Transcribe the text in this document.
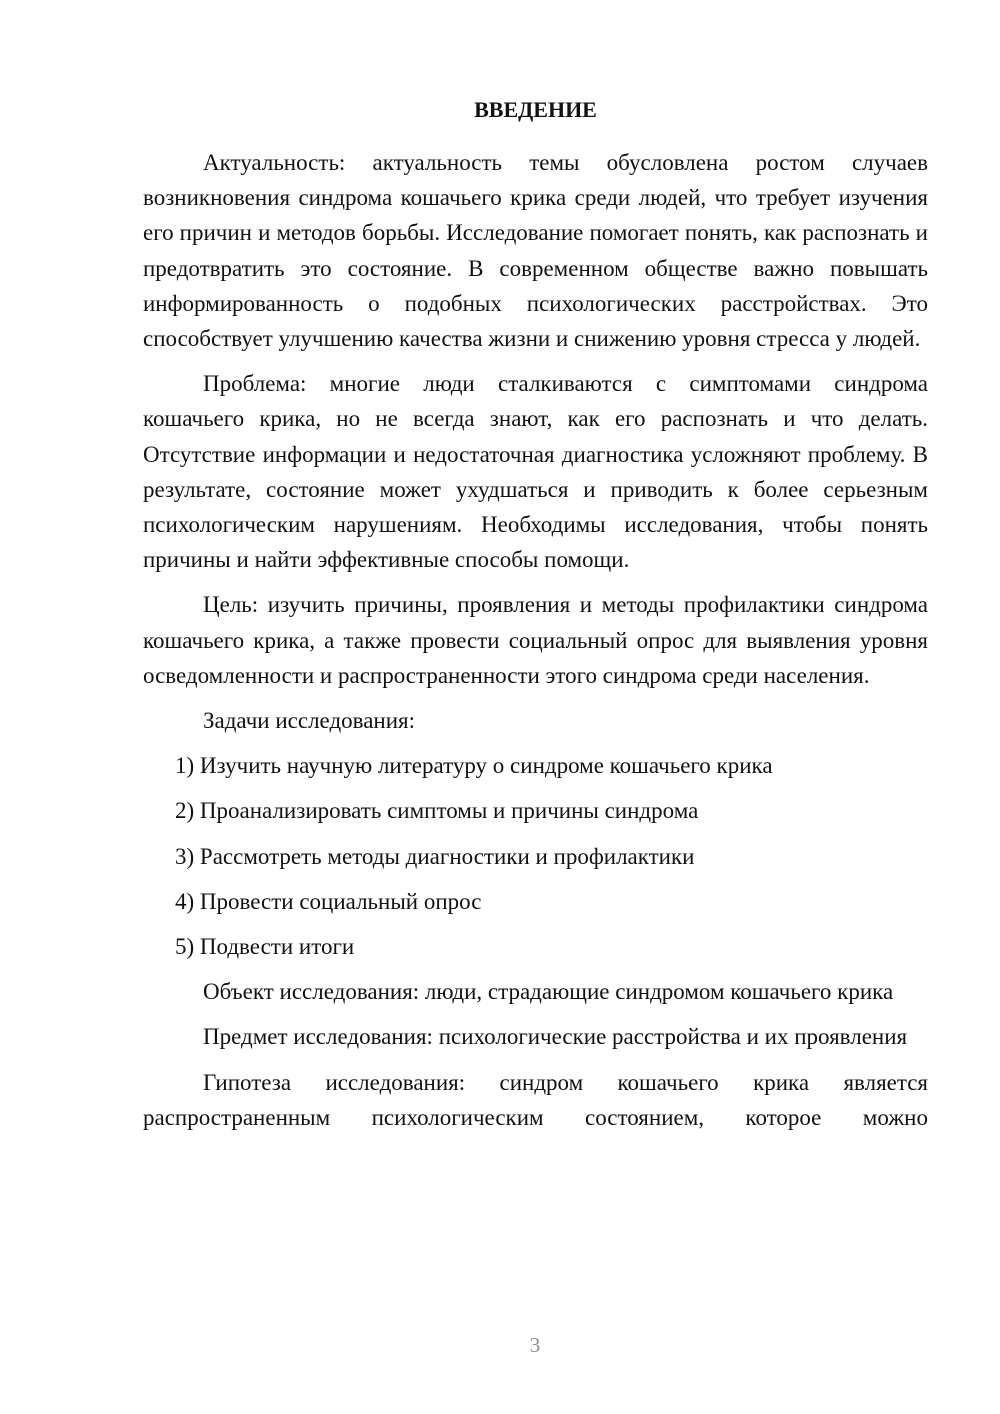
ВВЕДЕНИЕ

Актуальность: актуальность темы обусловлена ростом случаев возникновения синдрома кошачьего крика среди людей, что требует изучения его причин и методов борьбы. Исследование помогает понять, как распознать и предотвратить это состояние. В современном обществе важно повышать информированность о подобных психологических расстройствах. Это способствует улучшению качества жизни и снижению уровня стресса у людей.

Проблема: многие люди сталкиваются с симптомами синдрома кошачьего крика, но не всегда знают, как его распознать и что делать. Отсутствие информации и недостаточная диагностика усложняют проблему. В результате, состояние может ухудшаться и приводить к более серьезным психологическим нарушениям. Необходимы исследования, чтобы понять причины и найти эффективные способы помощи.

Цель: изучить причины, проявления и методы профилактики синдрома кошачьего крика, а также провести социальный опрос для выявления уровня осведомленности и распространенности этого синдрома среди населения.

Задачи исследования:

1) Изучить научную литературу о синдроме кошачьего крика

2) Проанализировать симптомы и причины синдрома

3) Рассмотреть методы диагностики и профилактики

4) Провести социальный опрос

5) Подвести итоги

Объект исследования: люди, страдающие синдромом кошачьего крика

Предмет исследования: психологические расстройства и их проявления

Гипотеза исследования: синдром кошачьего крика является распространенным психологическим состоянием, которое можно

3
